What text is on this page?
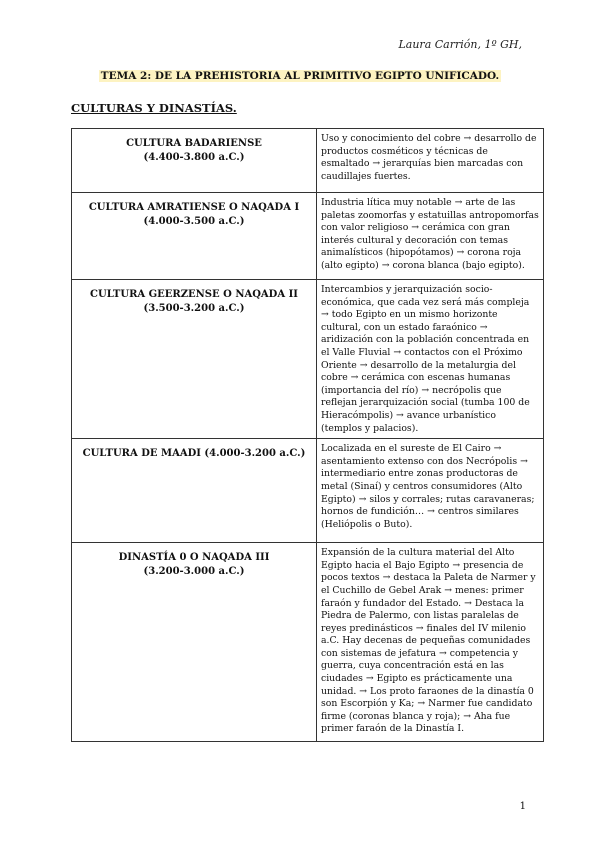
Laura Carrión, 1º GH,
TEMA 2: DE LA PREHISTORIA AL PRIMITIVO EGIPTO UNIFICADO.
CULTURAS Y DINASTÍAS.
CULTURA BADARIENSE
(4.400-3.800 a.C.)	Uso y conocimiento del cobre → desarrollo de productos cosméticos y técnicas de esmaltado → jerarquías bien marcadas con caudillajes fuertes.
CULTURA AMRATIENSE O NAQADA I (4.000-3.500 a.C.)	Industria lítica muy notable → arte de las paletas zoomorfas y estatuillas antropomorfas con valor religioso → cerámica con gran interés cultural y decoración con temas animalísticos (hipopótamos) → corona roja (alto egipto) → corona blanca (bajo egipto).
CULTURA GEERZENSE O NAQADA II (3.500-3.200 a.C.)	Intercambios y jerarquización socio-económica, que cada vez será más compleja → todo Egipto en un mismo horizonte cultural, con un estado faraónico → aridización con la población concentrada en el Valle Fluvial → contactos con el Próximo Oriente → desarrollo de la metalurgia del cobre → cerámica con escenas humanas (importancia del río) → necrópolis que reflejan jerarquización social (tumba 100 de Hieracómpolis) → avance urbanístico (templos y palacios).
CULTURA DE MAADI (4.000-3.200 a.C.)	Localizada en el sureste de El Cairo → asentamiento extenso con dos Necrópolis → intermediario entre zonas productoras de metal (Sinaí) y centros consumidores (Alto Egipto) → silos y corrales; rutas caravaneras; hornos de fundición… → centros similares (Heliópolis o Buto).
DINASTÍA 0 O NAQADA III
(3.200-3.000 a.C.)	Expansión de la cultura material del Alto Egipto hacia el Bajo Egipto → presencia de pocos textos → destaca la Paleta de Narmer y el Cuchillo de Gebel Arak → menes: primer faraón y fundador del Estado. → Destaca la Piedra de Palermo, con listas paralelas de reyes predinásticos → finales del IV milenio a.C. Hay decenas de pequeñas comunidades con sistemas de jefatura → competencia y guerra, cuya concentración está en las ciudades → Egipto es prácticamente una unidad. → Los proto faraones de la dinastía 0 son Escorpión y Ka; → Narmer fue candidato firme (coronas blanca y roja); → Aha fue primer faraón de la Dinastía I.
1
